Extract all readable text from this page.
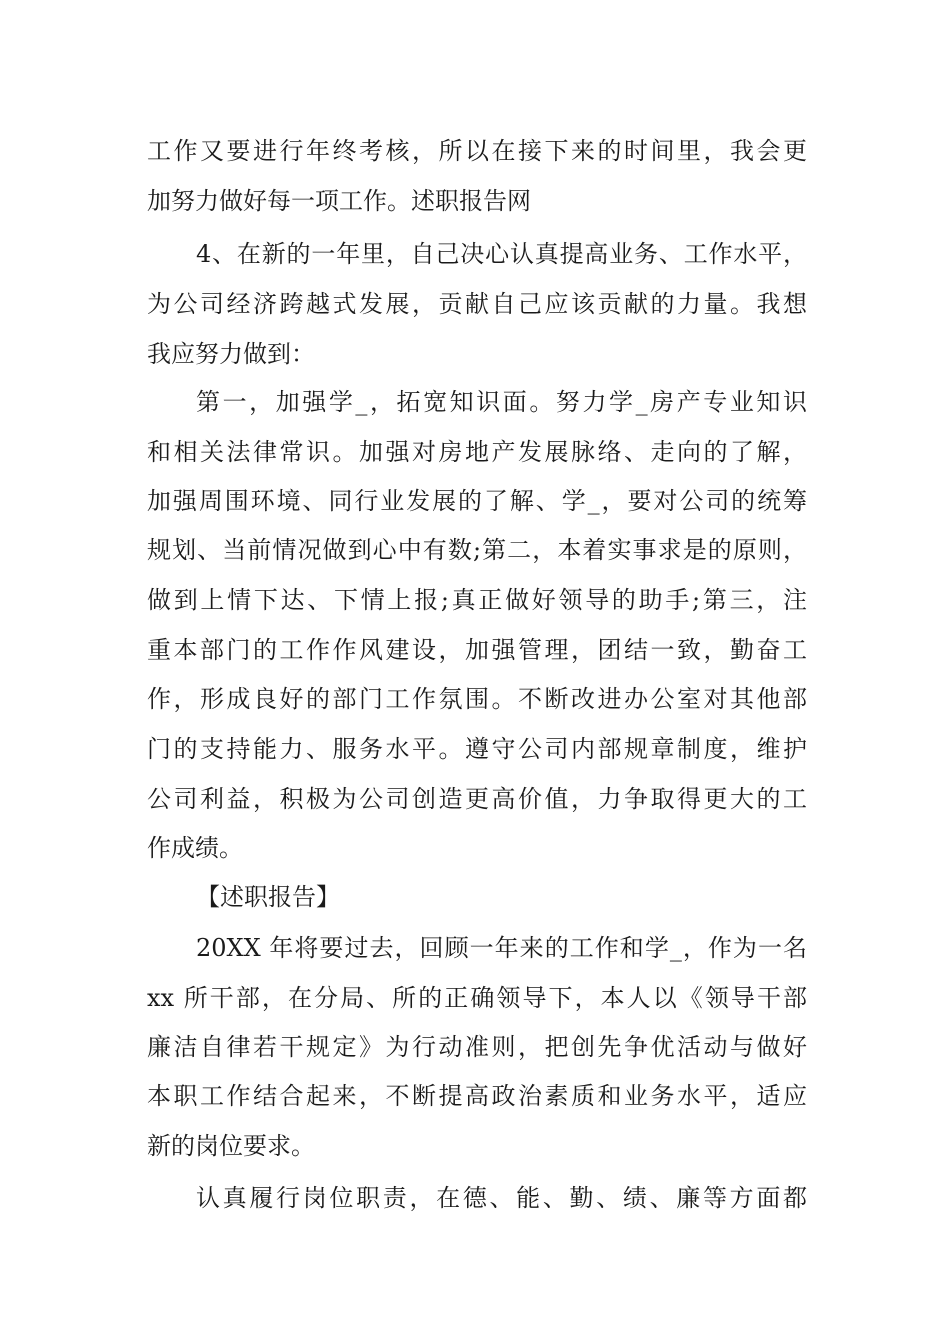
工作又要进行年终考核，所以在接下来的时间里，我会更
加努力做好每一项工作。述职报告网
4、在新的一年里，自己决心认真提高业务、工作水平，
为公司经济跨越式发展，贡献自己应该贡献的力量。我想
我应努力做到：
第一，加强学_，拓宽知识面。努力学_房产专业知识
和相关法律常识。加强对房地产发展脉络、走向的了解，
加强周围环境、同行业发展的了解、学_，要对公司的统筹
规划、当前情况做到心中有数;第二，本着实事求是的原则，
做到上情下达、下情上报;真正做好领导的助手;第三，注
重本部门的工作作风建设，加强管理，团结一致，勤奋工
作，形成良好的部门工作氛围。不断改进办公室对其他部
门的支持能力、服务水平。遵守公司内部规章制度，维护
公司利益，积极为公司创造更高价值，力争取得更大的工
作成绩。
【述职报告】
20XX 年将要过去，回顾一年来的工作和学_，作为一名
xx 所干部，在分局、所的正确领导下，本人以《领导干部
廉洁自律若干规定》为行动准则，把创先争优活动与做好
本职工作结合起来，不断提高政治素质和业务水平，适应
新的岗位要求。
认真履行岗位职责，在德、能、勤、绩、廉等方面都
